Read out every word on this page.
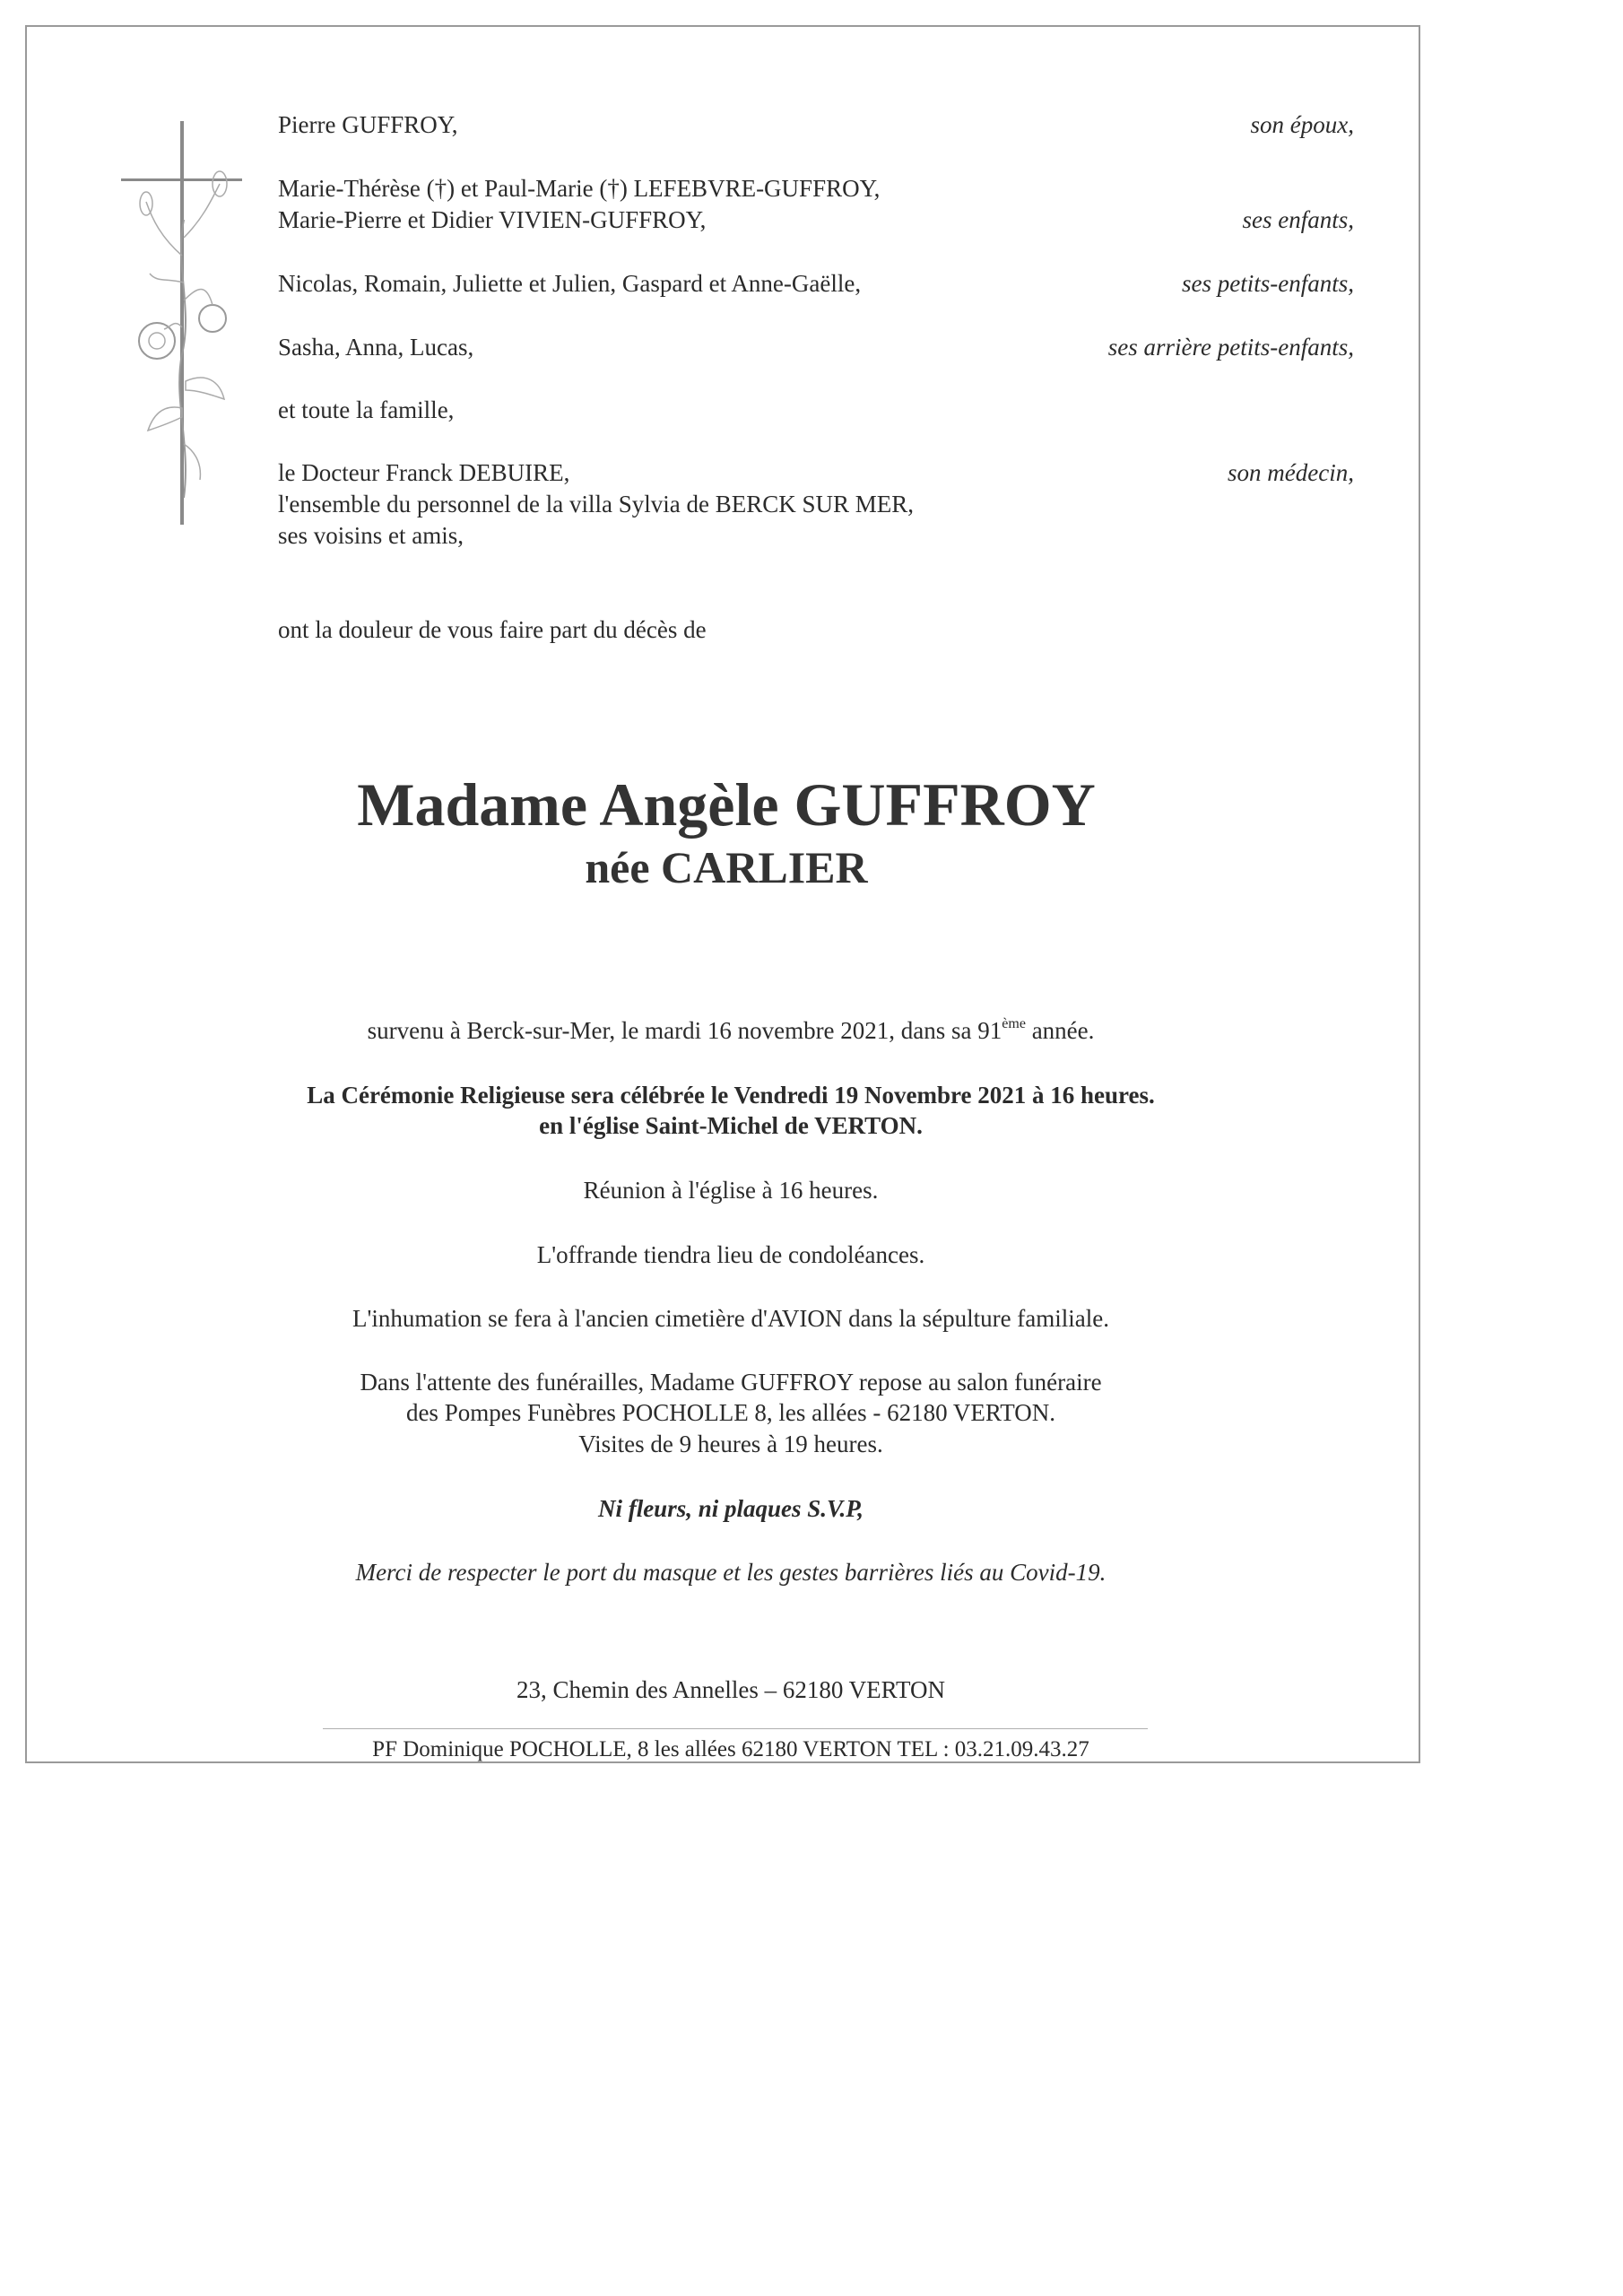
Pierre GUFFROY,	son époux,
Marie-Thérèse (†) et Paul-Marie (†) LEFEBVRE-GUFFROY,
Marie-Pierre et Didier VIVIEN-GUFFROY,	ses enfants,
Nicolas, Romain, Juliette et Julien, Gaspard et Anne-Gaëlle,	ses petits-enfants,
Sasha, Anna, Lucas,	ses arrière petits-enfants,
et toute la famille,
le Docteur Franck DEBUIRE,	son médecin,
l'ensemble du personnel de la villa Sylvia de BERCK SUR MER,
ses voisins et amis,
ont la douleur de vous faire part du décès de
Madame Angèle GUFFROY
née CARLIER
survenu à Berck-sur-Mer, le mardi 16 novembre 2021, dans sa 91ème année.
La Cérémonie Religieuse sera célébrée le Vendredi 19 Novembre 2021 à 16 heures.
en l'église Saint-Michel de VERTON.
Réunion à l'église à 16 heures.
L'offrande tiendra lieu de condoléances.
L'inhumation se fera à l'ancien cimetière d'AVION dans la sépulture familiale.
Dans l'attente des funérailles, Madame GUFFROY repose au salon funéraire
des Pompes Funèbres POCHOLLE 8, les allées - 62180 VERTON.
Visites de 9 heures à 19 heures.
Ni fleurs, ni plaques S.V.P,
Merci de respecter le port du masque et les gestes barrières liés au Covid-19.
23, Chemin des Annelles – 62180 VERTON
PF Dominique POCHOLLE, 8 les allées 62180 VERTON TEL : 03.21.09.43.27
